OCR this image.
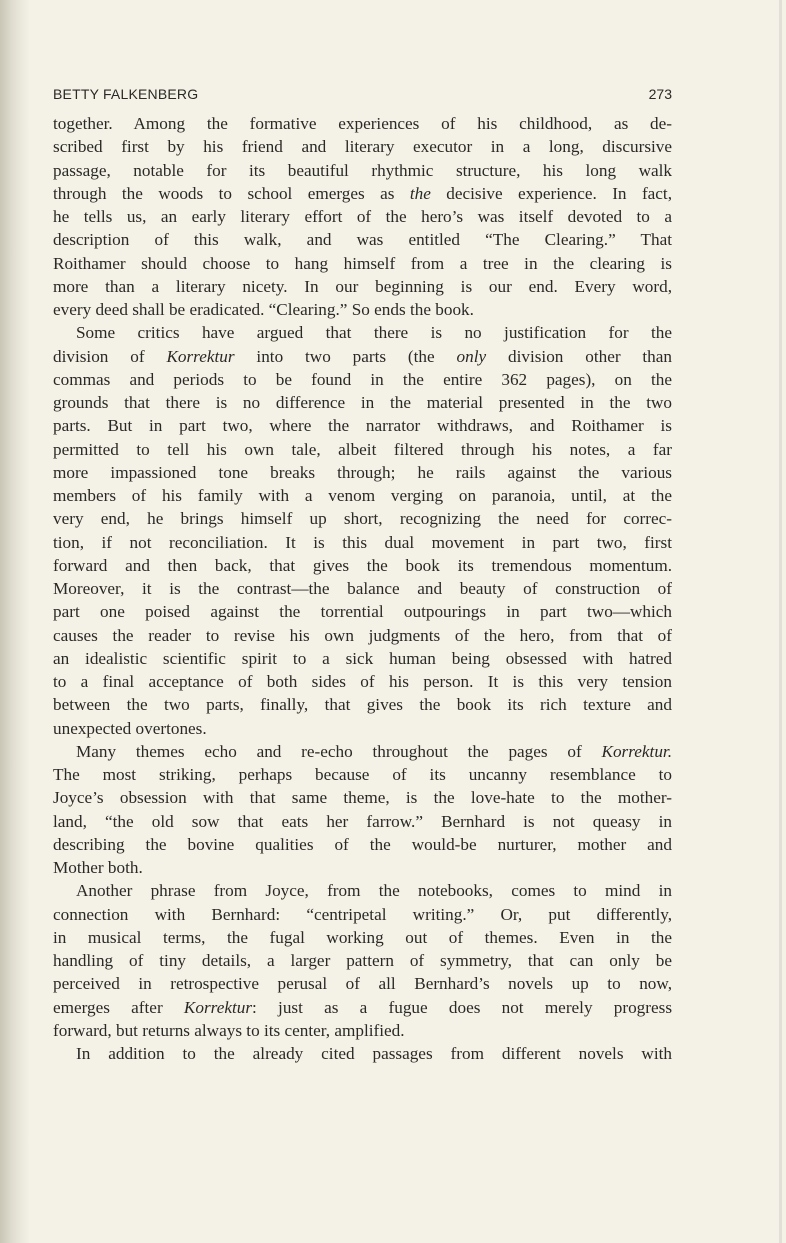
BETTY FALKENBERG	273
together. Among the formative experiences of his childhood, as de-
scribed first by his friend and literary executor in a long, discursive
passage, notable for its beautiful rhythmic structure, his long walk
through the woods to school emerges as the decisive experience. In fact,
he tells us, an early literary effort of the hero’s was itself devoted to a
description of this walk, and was entitled “The Clearing.” That
Roithamer should choose to hang himself from a tree in the clearing is
more than a literary nicety. In our beginning is our end. Every word,
every deed shall be eradicated. “Clearing.” So ends the book.
Some critics have argued that there is no justification for the
division of Korrektur into two parts (the only division other than
commas and periods to be found in the entire 362 pages), on the
grounds that there is no difference in the material presented in the two
parts. But in part two, where the narrator withdraws, and Roithamer is
permitted to tell his own tale, albeit filtered through his notes, a far
more impassioned tone breaks through; he rails against the various
members of his family with a venom verging on paranoia, until, at the
very end, he brings himself up short, recognizing the need for correc-
tion, if not reconciliation. It is this dual movement in part two, first
forward and then back, that gives the book its tremendous momentum.
Moreover, it is the contrast—the balance and beauty of construction of
part one poised against the torrential outpourings in part two—which
causes the reader to revise his own judgments of the hero, from that of
an idealistic scientific spirit to a sick human being obsessed with hatred
to a final acceptance of both sides of his person. It is this very tension
between the two parts, finally, that gives the book its rich texture and
unexpected overtones.
Many themes echo and re-echo throughout the pages of Korrektur.
The most striking, perhaps because of its uncanny resemblance to
Joyce’s obsession with that same theme, is the love-hate to the mother-
land, “the old sow that eats her farrow.” Bernhard is not queasy in
describing the bovine qualities of the would-be nurturer, mother and
Mother both.
Another phrase from Joyce, from the notebooks, comes to mind in
connection with Bernhard: “centripetal writing.” Or, put differently,
in musical terms, the fugal working out of themes. Even in the
handling of tiny details, a larger pattern of symmetry, that can only be
perceived in retrospective perusal of all Bernhard’s novels up to now,
emerges after Korrektur: just as a fugue does not merely progress
forward, but returns always to its center, amplified.
In addition to the already cited passages from different novels with
